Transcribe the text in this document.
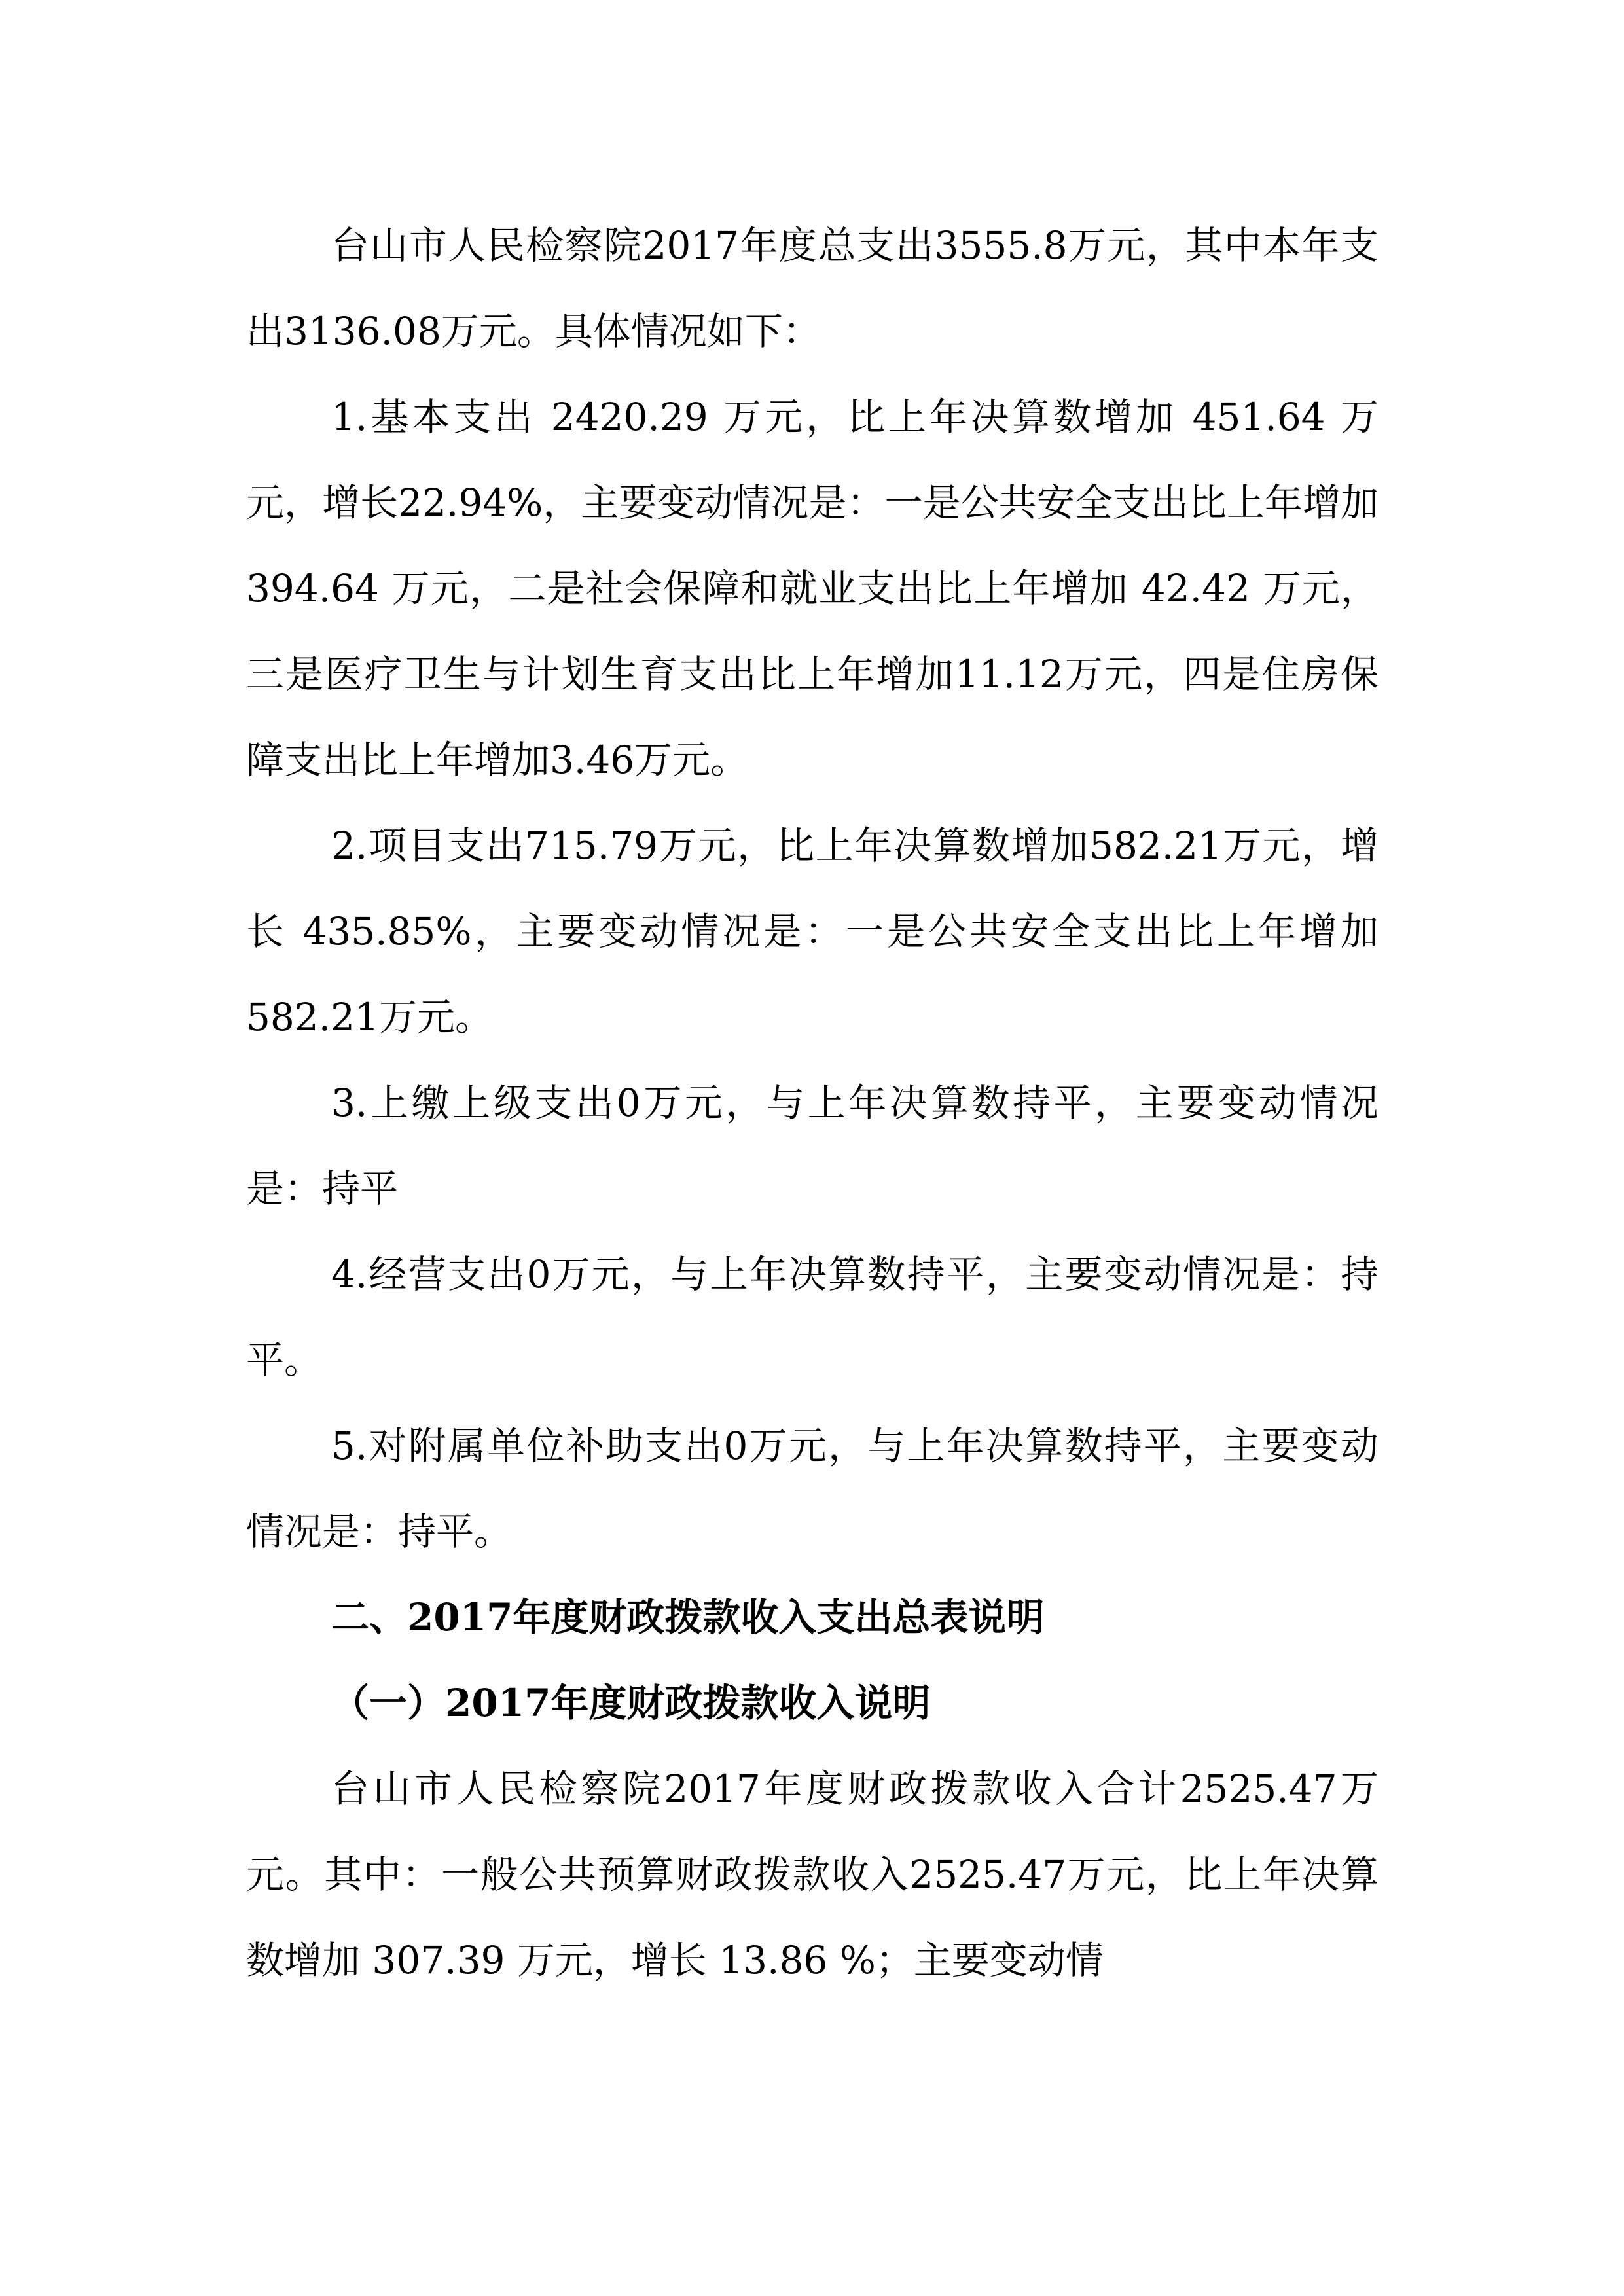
台山市人民检察院2017年度总支出3555.8万元，其中本年支出3136.08万元。具体情况如下：

1.基本支出 2420.29 万元，比上年决算数增加 451.64 万元，增长22.94%，主要变动情况是：一是公共安全支出比上年增加 394.64 万元，二是社会保障和就业支出比上年增加 42.42 万元，三是医疗卫生与计划生育支出比上年增加11.12万元，四是住房保障支出比上年增加3.46万元。

2.项目支出715.79万元，比上年决算数增加582.21万元，增长 435.85%，主要变动情况是：一是公共安全支出比上年增加582.21万元。

3.上缴上级支出0万元，与上年决算数持平，主要变动情况是：持平

4.经营支出0万元，与上年决算数持平，主要变动情况是：持平。

5.对附属单位补助支出0万元，与上年决算数持平，主要变动情况是：持平。

二、2017年度财政拨款收入支出总表说明

（一）2017年度财政拨款收入说明

台山市人民检察院2017年度财政拨款收入合计2525.47万元。其中：一般公共预算财政拨款收入2525.47万元，比上年决算数增加 307.39 万元，增长 13.86 %；主要变动情
